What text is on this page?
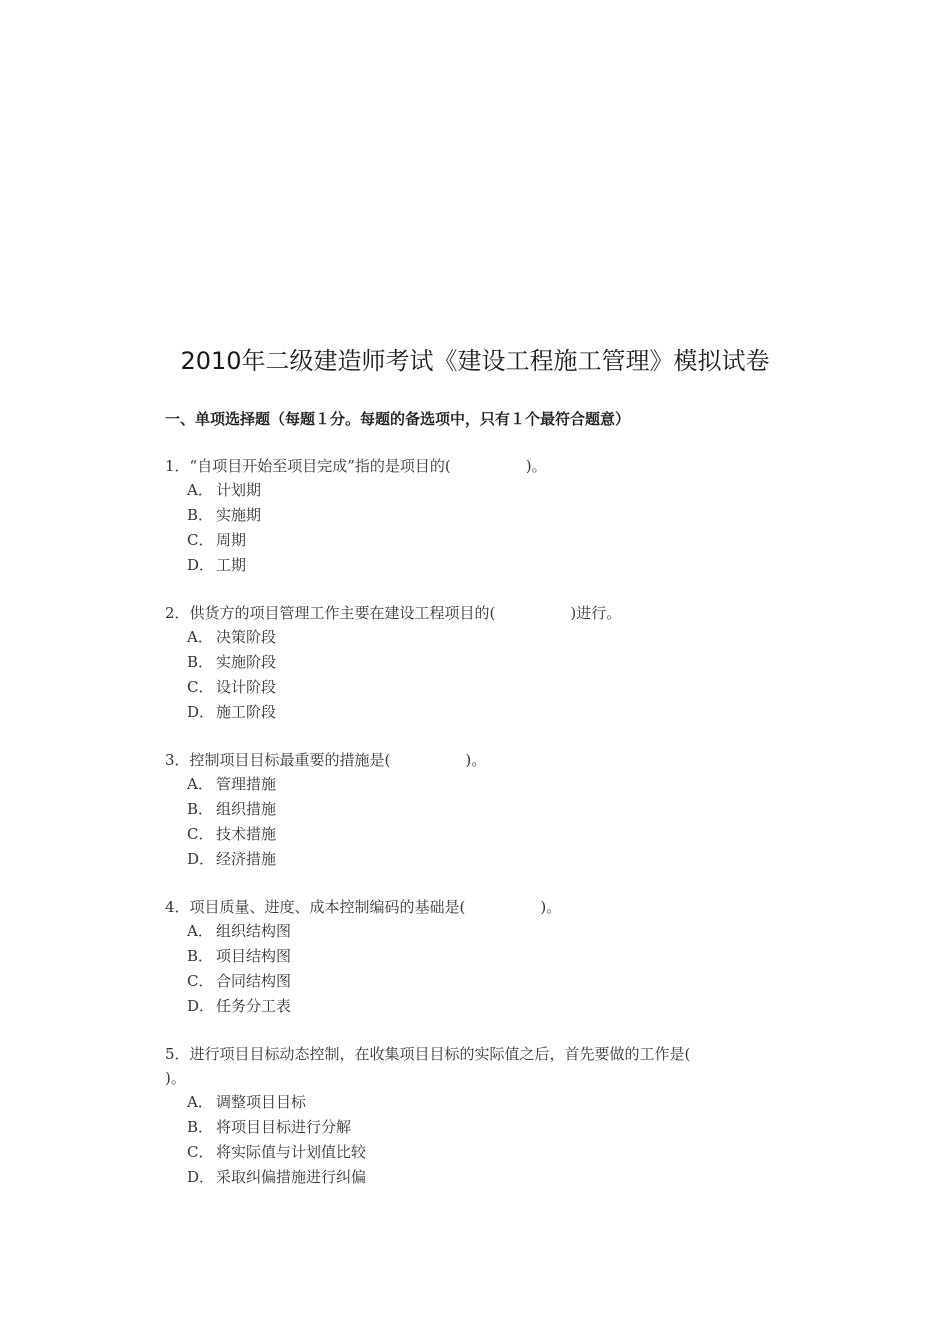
2010年二级建造师考试《建设工程施工管理》模拟试卷
一、单项选择题（每题１分。每题的备选项中，只有１个最符合题意）
1．“自项目开始至项目完成”指的是项目的(　　　　　)。
A． 计划期
B． 实施期
C． 周期
D． 工期
2．供货方的项目管理工作主要在建设工程项目的(　　　　　)进行。
A． 决策阶段
B． 实施阶段
C． 设计阶段
D． 施工阶段
3．控制项目目标最重要的措施是(　　　　　)。
A． 管理措施
B． 组织措施
C． 技术措施
D． 经济措施
4．项目质量、进度、成本控制编码的基础是(　　　　　)。
A． 组织结构图
B． 项目结构图
C． 合同结构图
D． 任务分工表
5．进行项目目标动态控制，在收集项目目标的实际值之后，首先要做的工作是(　　　　)。
A． 调整项目目标
B． 将项目目标进行分解
C． 将实际值与计划值比较
D． 采取纠偏措施进行纠偏
